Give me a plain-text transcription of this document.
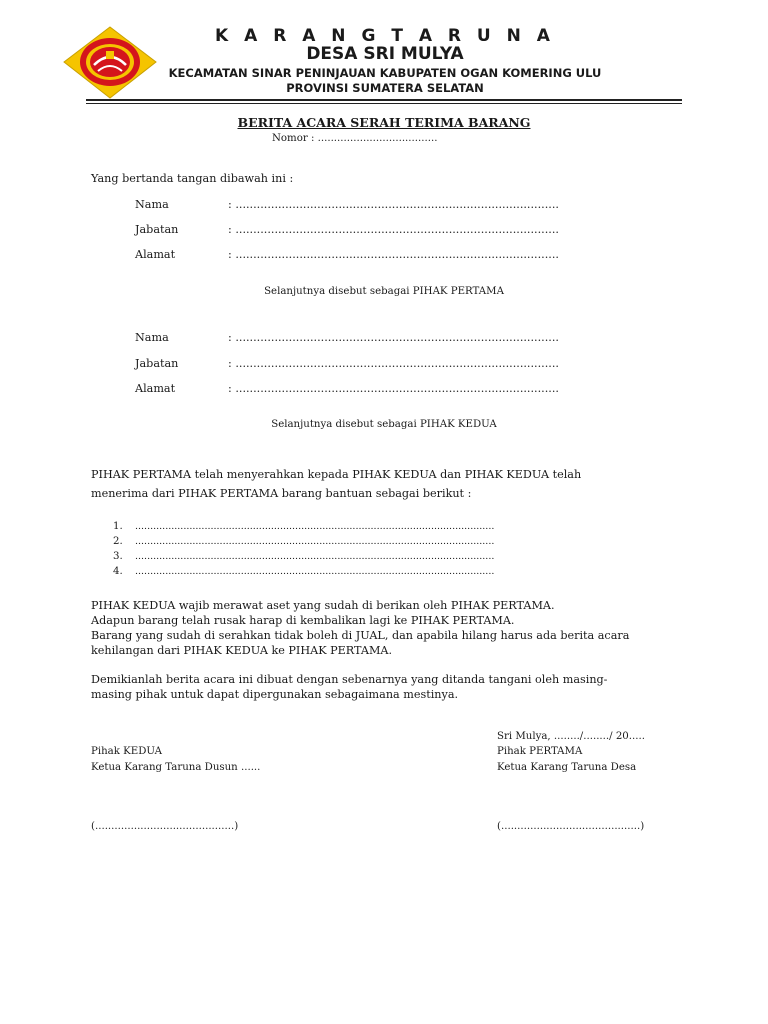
K A R A N G T A R U N A
DESA SRI MULYA
KECAMATAN SINAR PENINJAUAN KABUPATEN OGAN KOMERING ULU
PROVINSI SUMATERA SELATAN
BERITA ACARA SERAH TERIMA BARANG
Nomor : .....................................
Yang bertanda tangan dibawah ini :
Nama	: ...........................................................................................
Jabatan	: ...........................................................................................
Alamat	: ...........................................................................................
Selanjutnya disebut sebagai PIHAK PERTAMA
Nama	: ...........................................................................................
Jabatan	: ...........................................................................................
Alamat	: ...........................................................................................
Selanjutnya disebut sebagai PIHAK KEDUA
PIHAK PERTAMA telah menyerahkan kepada PIHAK KEDUA dan PIHAK KEDUA telah
menerima dari PIHAK PERTAMA barang bantuan sebagai berikut :
1. .......................................................................................................................
2. .......................................................................................................................
3. .......................................................................................................................
4. .......................................................................................................................
PIHAK KEDUA wajib merawat aset yang sudah di berikan oleh PIHAK PERTAMA.
Adapun barang telah rusak harap di kembalikan lagi ke PIHAK PERTAMA.
Barang yang sudah di serahkan tidak boleh di JUAL, dan apabila hilang harus ada berita acara
kehilangan dari PIHAK KEDUA ke PIHAK PERTAMA.
Demikianlah berita acara ini dibuat dengan sebenarnya yang ditanda tangani oleh masing-
masing pihak untuk dapat dipergunakan sebagaimana mestinya.
Sri Mulya, ......../......../ 20.....
Pihak KEDUA
Ketua Karang Taruna Dusun ......
(...........................................)
Pihak PERTAMA
Ketua Karang Taruna Desa
(...........................................)
